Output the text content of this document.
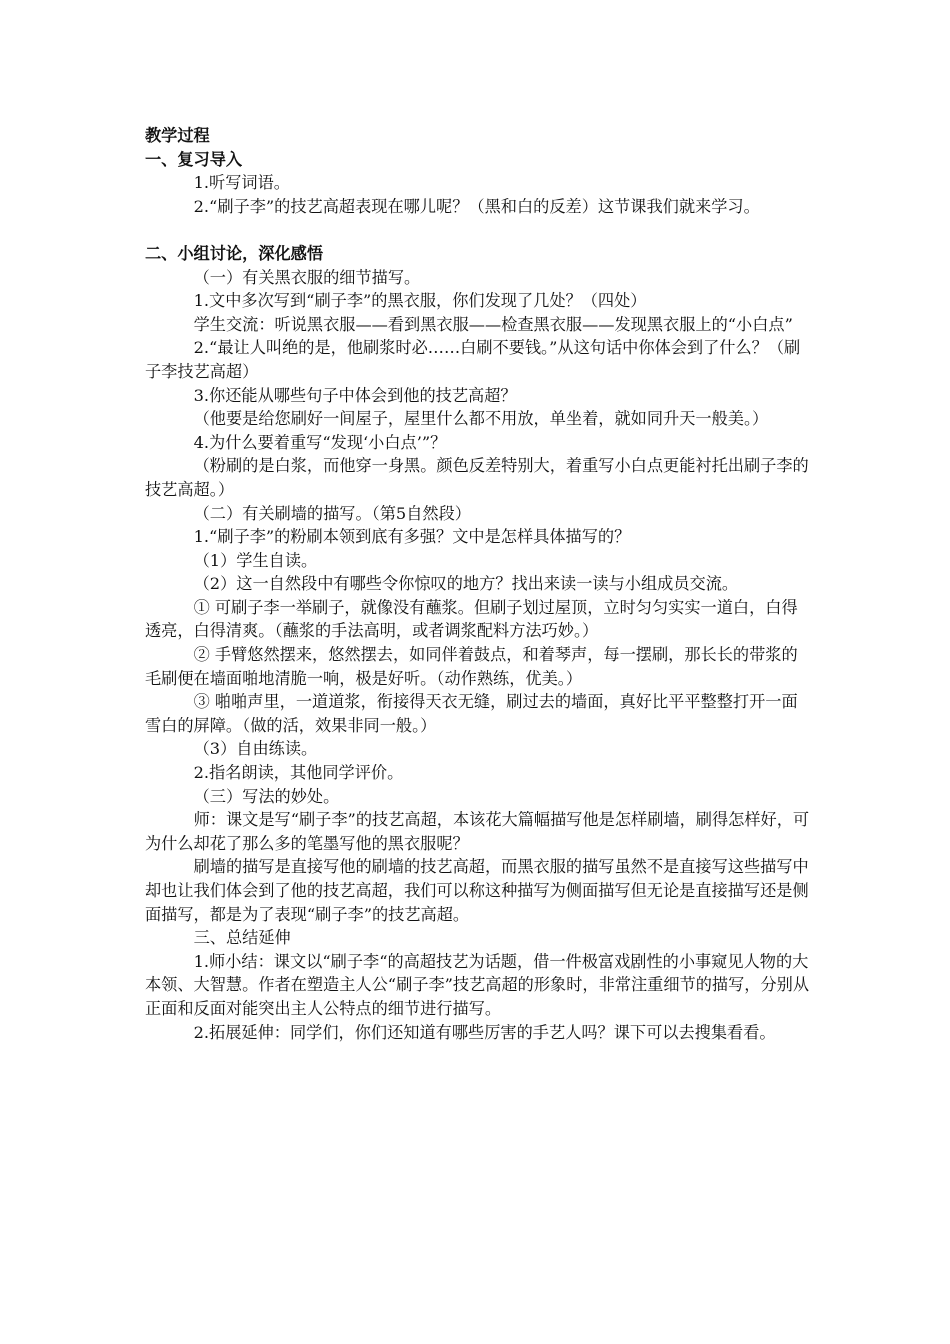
教学过程

一、复习导入

1.听写词语。

2.“刷子李”的技艺高超表现在哪儿呢？（黑和白的反差）这节课我们就来学习。

二、小组讨论，深化感悟

（一）有关黑衣服的细节描写。

1.文中多次写到“刷子李”的黑衣服，你们发现了几处？（四处）

学生交流：听说黑衣服——看到黑衣服——检查黑衣服——发现黑衣服上的“小白点”

2.“最让人叫绝的是，他刷浆时必……白刷不要钱。”从这句话中你体会到了什么？（刷子李技艺高超）

3.你还能从哪些句子中体会到他的技艺高超？

（他要是给您刷好一间屋子，屋里什么都不用放，单坐着，就如同升天一般美。）

4.为什么要着重写“发现‘小白点’”？

（粉刷的是白浆，而他穿一身黑。颜色反差特别大，着重写小白点更能衬托出刷子李的技艺高超。）

（二）有关刷墙的描写。（第5自然段）

1.“刷子李”的粉刷本领到底有多强？文中是怎样具体描写的？

（1）学生自读。

（2）这一自然段中有哪些令你惊叹的地方？找出来读一读与小组成员交流。

① 可刷子李一举刷子，就像没有蘸浆。但刷子划过屋顶，立时匀匀实实一道白，白得透亮，白得清爽。（蘸浆的手法高明，或者调浆配料方法巧妙。）

② 手臂悠然摆来，悠然摆去，如同伴着鼓点，和着琴声，每一摆刷，那长长的带浆的毛刷便在墙面啪地清脆一响，极是好听。（动作熟练，优美。）

③ 啪啪声里，一道道浆，衔接得天衣无缝，刷过去的墙面，真好比平平整整打开一面雪白的屏障。（做的活，效果非同一般。）

（3）自由练读。

2.指名朗读，其他同学评价。

（三）写法的妙处。

师：课文是写“刷子李”的技艺高超，本该花大篇幅描写他是怎样刷墙，刷得怎样好，可为什么却花了那么多的笔墨写他的黑衣服呢？

刷墙的描写是直接写他的刷墙的技艺高超，而黑衣服的描写虽然不是直接写这些描写中却也让我们体会到了他的技艺高超，我们可以称这种描写为侧面描写但无论是直接描写还是侧面描写，都是为了表现“刷子李”的技艺高超。

三、总结延伸

1.师小结：课文以“刷子李“的高超技艺为话题，借一件极富戏剧性的小事窥见人物的大本领、大智慧。作者在塑造主人公“刷子李”技艺高超的形象时，非常注重细节的描写，分别从正面和反面对能突出主人公特点的细节进行描写。

2.拓展延伸：同学们，你们还知道有哪些厉害的手艺人吗？课下可以去搜集看看。
